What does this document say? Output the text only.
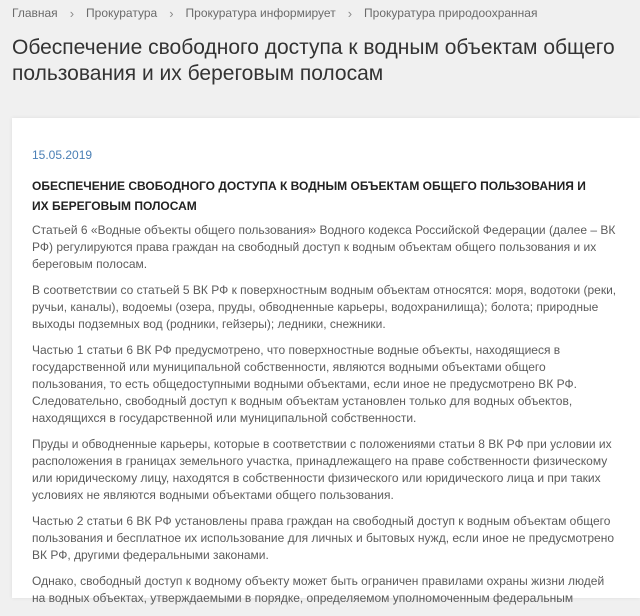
Главная › Прокуратура › Прокуратура информирует › Прокуратура природоохранная
Обеспечение свободного доступа к водным объектам общего пользования и их береговым полосам
15.05.2019
ОБЕСПЕЧЕНИЕ СВОБОДНОГО ДОСТУПА К ВОДНЫМ ОБЪЕКТАМ ОБЩЕГО ПОЛЬЗОВАНИЯ И ИХ БЕРЕГОВЫМ ПОЛОСАМ

Статьей 6 «Водные объекты общего пользования» Водного кодекса Российской Федерации (далее – ВК РФ) регулируются права граждан на свободный доступ к водным объектам общего пользования и их береговым полосам.

В соответствии со статьей 5 ВК РФ к поверхностным водным объектам относятся: моря, водотоки (реки, ручьи, каналы), водоемы (озера, пруды, обводненные карьеры, водохранилища); болота; природные выходы подземных вод (родники, гейзеры); ледники, снежники.

Частью 1 статьи 6 ВК РФ предусмотрено, что поверхностные водные объекты, находящиеся в государственной или муниципальной собственности, являются водными объектами общего пользования, то есть общедоступными водными объектами, если иное не предусмотрено ВК РФ. Следовательно, свободный доступ к водным объектам установлен только для водных объектов, находящихся в государственной или муниципальной собственности.

Пруды и обводненные карьеры, которые в соответствии с положениями статьи 8 ВК РФ при условии их расположения в границах земельного участка, принадлежащего на праве собственности физическому или юридическому лицу, находятся в собственности физического или юридического лица и при таких условиях не являются водными объектами общего пользования.

Частью 2 статьи 6 ВК РФ установлены права граждан на свободный доступ к водным объектам общего пользования и бесплатное их использование для личных и бытовых нужд, если иное не предусмотрено ВК РФ, другими федеральными законами.

Однако, свободный доступ к водному объекту может быть ограничен правилами охраны жизни людей на водных объектах, утверждаемыми в порядке, определяемом уполномоченным федеральным
